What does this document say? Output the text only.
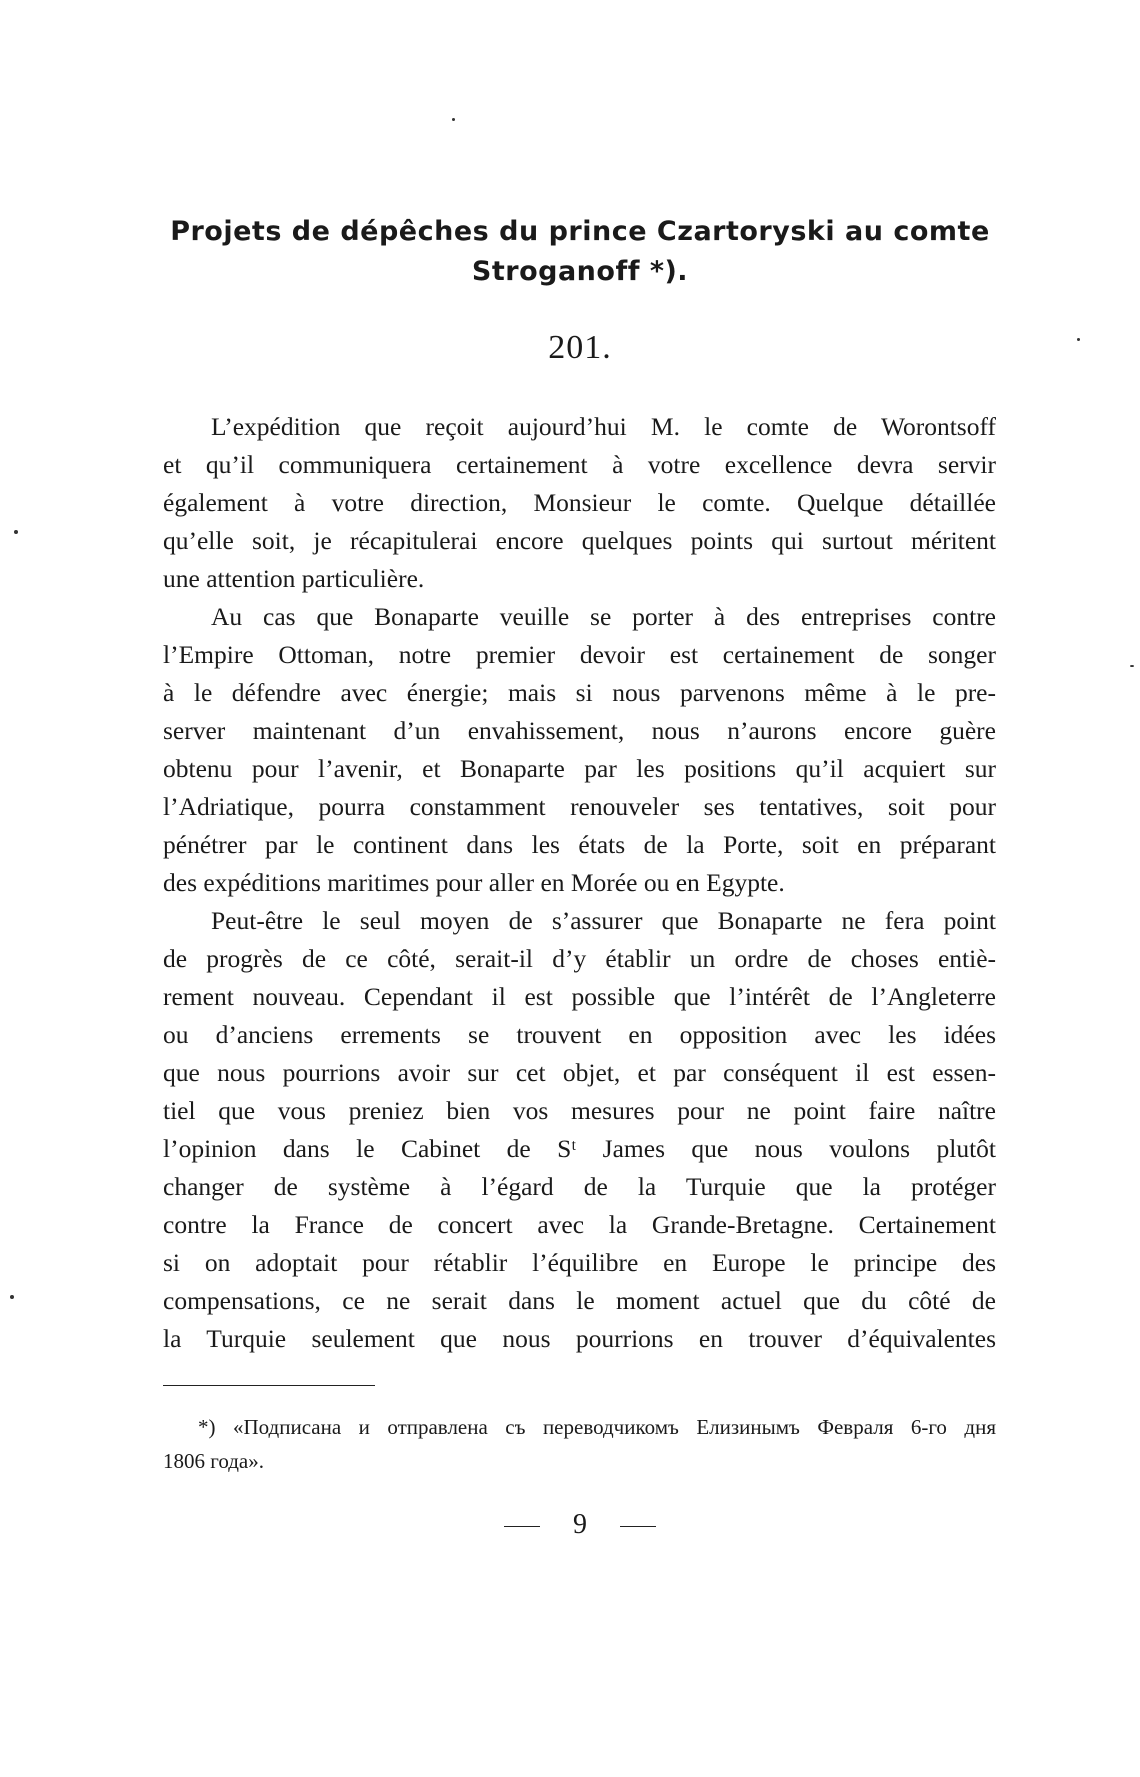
Projets de dépêches du prince Czartoryski au comte Stroganoff *).
201.
L’expédition que reçoit aujourd’hui M. le comte de Worontsoff
et qu’il communiquera certainement à votre excellence devra servir
également à votre direction, Monsieur le comte. Quelque détaillée
qu’elle soit, je récapitulerai encore quelques points qui surtout méritent
une attention particulière.
Au cas que Bonaparte veuille se porter à des entreprises contre
l’Empire Ottoman, notre premier devoir est certainement de songer
à le défendre avec énergie; mais si nous parvenons même à le pre-
server maintenant d’un envahissement, nous n’aurons encore guère
obtenu pour l’avenir, et Bonaparte par les positions qu’il acquiert sur
l’Adriatique, pourra constamment renouveler ses tentatives, soit pour
pénétrer par le continent dans les états de la Porte, soit en préparant
des expéditions maritimes pour aller en Morée ou en Egypte.
Peut-être le seul moyen de s’assurer que Bonaparte ne fera point
de progrès de ce côté, serait-il d’y établir un ordre de choses entiè-
rement nouveau. Cependant il est possible que l’intérêt de l’Angleterre
ou d’anciens errements se trouvent en opposition avec les idées
que nous pourrions avoir sur cet objet, et par conséquent il est essen-
tiel que vous preniez bien vos mesures pour ne point faire naître
l’opinion dans le Cabinet de Sᵗ James que nous voulons plutôt
changer de système à l’égard de la Turquie que la protéger
contre la France de concert avec la Grande-Bretagne. Certainement
si on adoptait pour rétablir l’équilibre en Europe le principe des
compensations, ce ne serait dans le moment actuel que du côté de
la Turquie seulement que nous pourrions en trouver d’équivalentes
*) «Подписана и отправлена съ переводчикомъ Елизинымъ Февраля 6-го дня
1806 года».
9
